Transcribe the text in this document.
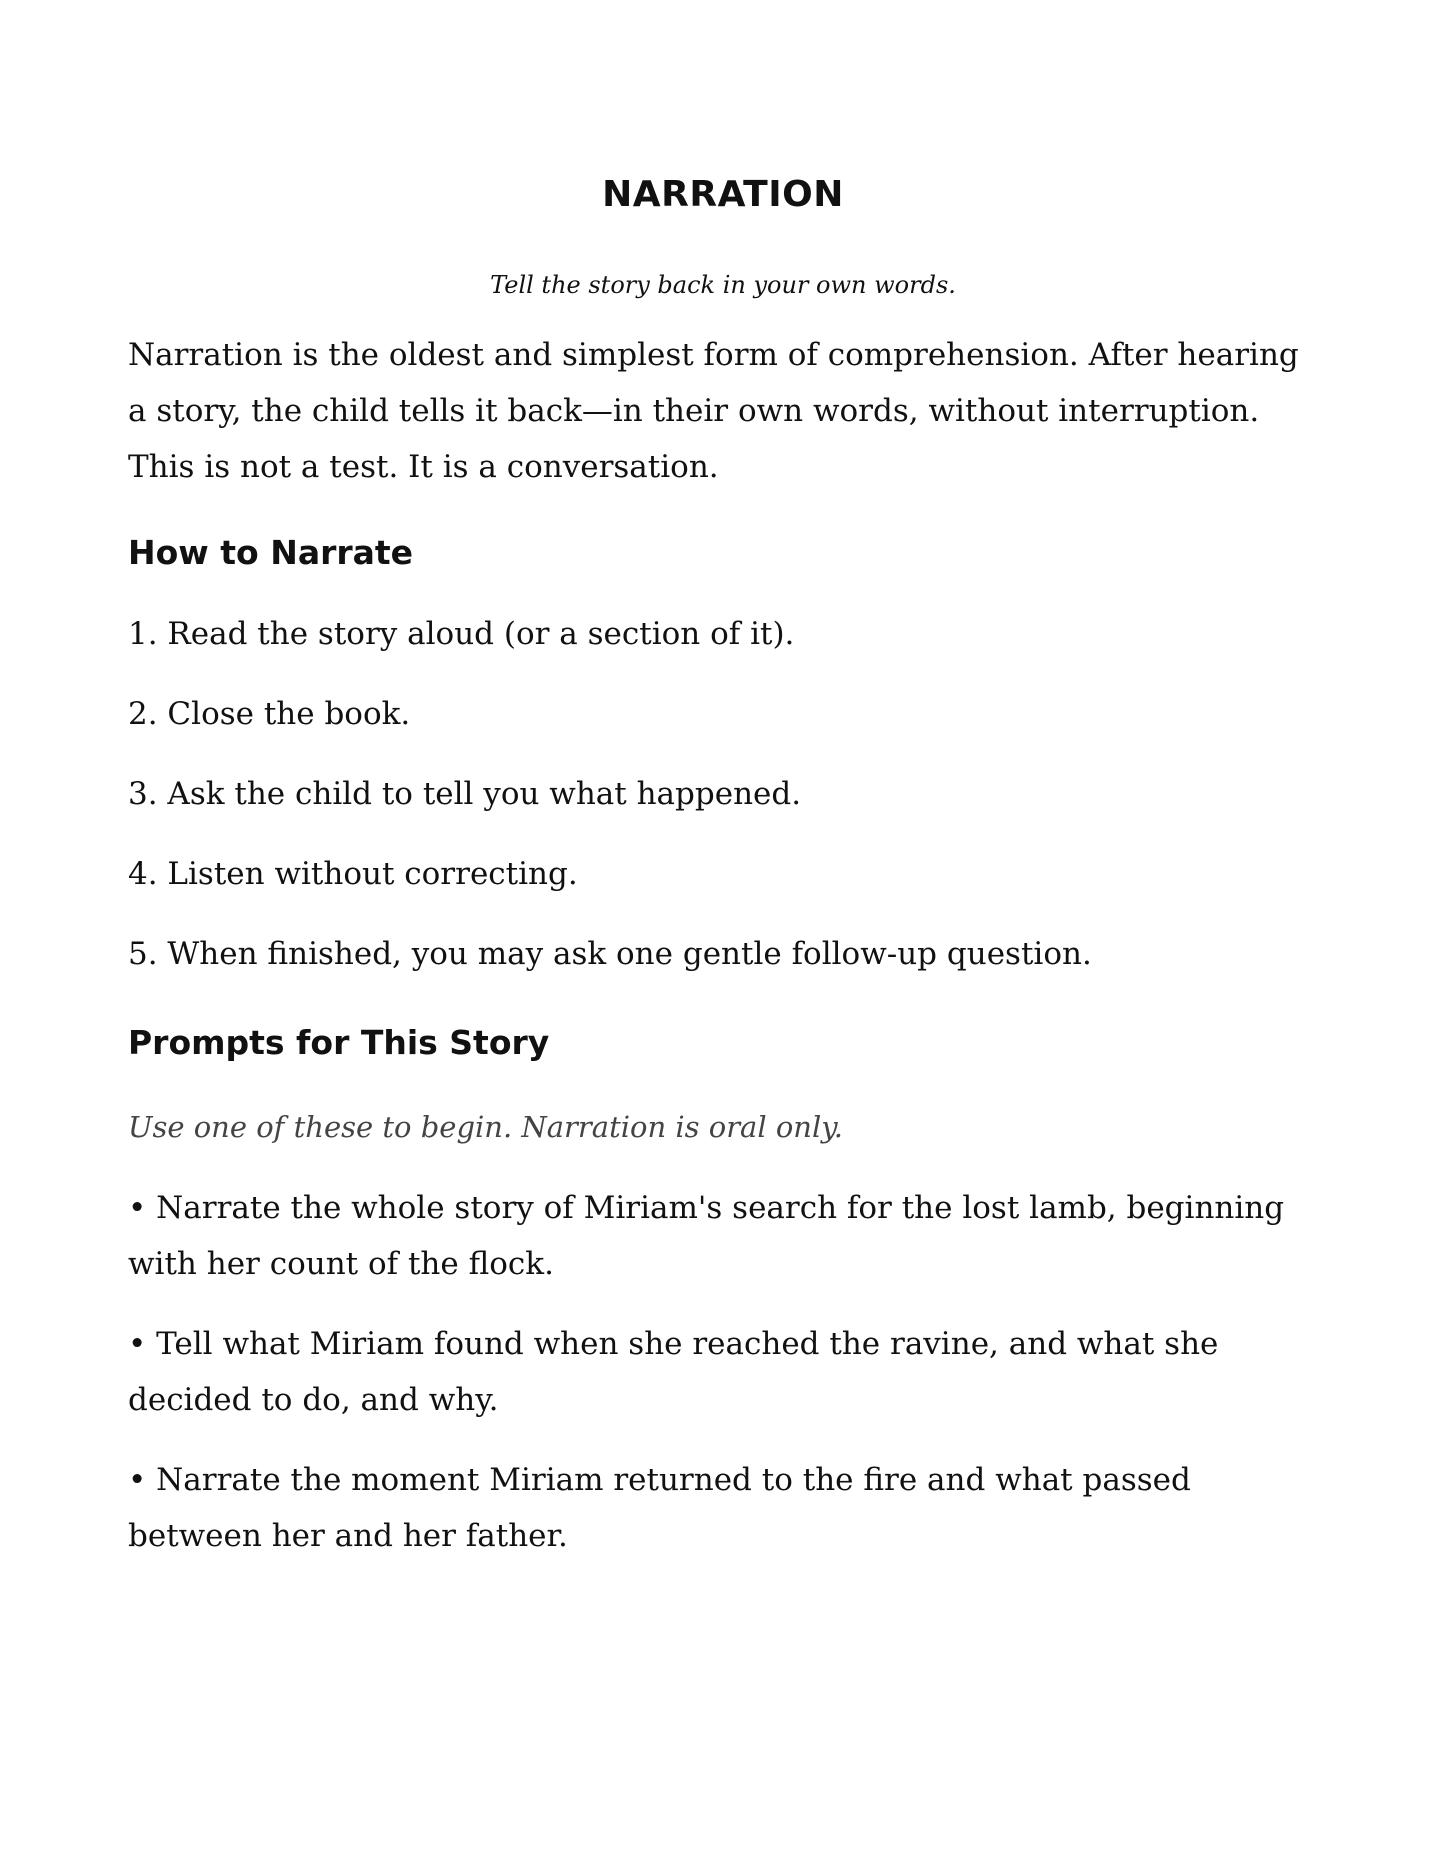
NARRATION

Tell the story back in your own words.

Narration is the oldest and simplest form of comprehension. After hearing a story, the child tells it back—in their own words, without interruption. This is not a test. It is a conversation.

How to Narrate

1. Read the story aloud (or a section of it).

2. Close the book.

3. Ask the child to tell you what happened.

4. Listen without correcting.

5. When finished, you may ask one gentle follow-up question.

Prompts for This Story

Use one of these to begin. Narration is oral only.

• Narrate the whole story of Miriam's search for the lost lamb, beginning with her count of the flock.

• Tell what Miriam found when she reached the ravine, and what she decided to do, and why.

• Narrate the moment Miriam returned to the fire and what passed between her and her father.
